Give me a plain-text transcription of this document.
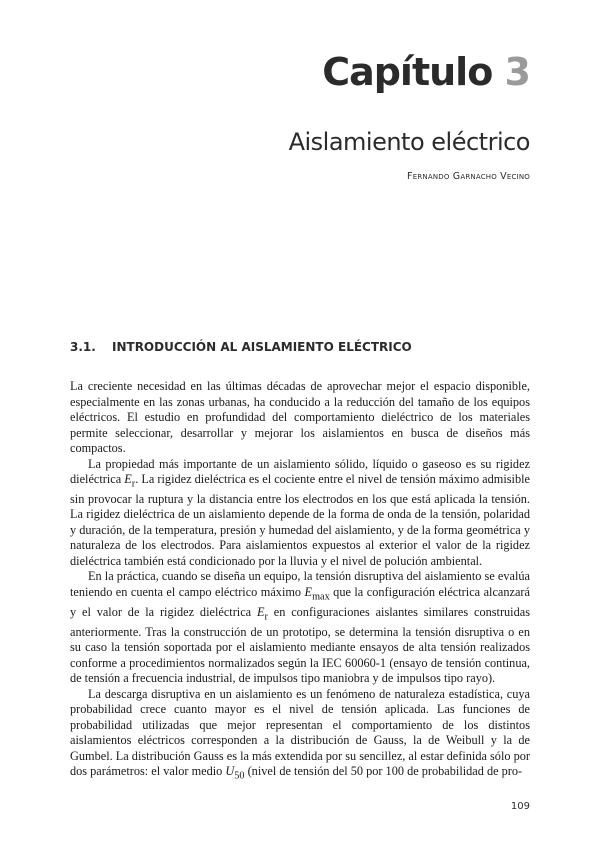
Capítulo 3
Aislamiento eléctrico

Fernando Garnacho Vecino

3.1. INTRODUCCIÓN AL AISLAMIENTO ELÉCTRICO

La creciente necesidad en las últimas décadas de aprovechar mejor el espacio disponible, especialmente en las zonas urbanas, ha conducido a la reducción del tamaño de los equipos eléctricos. El estudio en profundidad del comportamiento dieléctrico de los materiales permite seleccionar, desarrollar y mejorar los aislamientos en busca de diseños más compactos.

La propiedad más importante de un aislamiento sólido, líquido o gaseoso es su rigidez dieléctrica $E_r$. La rigidez dieléctrica es el cociente entre el nivel de tensión máximo admisible sin provocar la ruptura y la distancia entre los electrodos en los que está aplicada la tensión. La rigidez dieléctrica de un aislamiento depende de la forma de onda de la tensión, polaridad y duración, de la temperatura, presión y humedad del aislamiento, y de la forma geométrica y naturaleza de los electrodos. Para aislamientos expuestos al exterior el valor de la rigidez dieléctrica también está condicionado por la lluvia y el nivel de polución ambiental.

En la práctica, cuando se diseña un equipo, la tensión disruptiva del aislamiento se evalúa teniendo en cuenta el campo eléctrico máximo $E_{max}$ que la configuración eléctrica alcanzará y el valor de la rigidez dieléctrica $E_r$ en configuraciones aislantes similares construidas anteriormente. Tras la construcción de un prototipo, se determina la tensión disruptiva o en su caso la tensión soportada por el aislamiento mediante ensayos de alta tensión realizados conforme a procedimientos normalizados según la IEC 60060-1 (ensayo de tensión continua, de tensión a frecuencia industrial, de impulsos tipo maniobra y de impulsos tipo rayo).

La descarga disruptiva en un aislamiento es un fenómeno de naturaleza estadística, cuya probabilidad crece cuanto mayor es el nivel de tensión aplicada. Las funciones de probabilidad utilizadas que mejor representan el comportamiento de los distintos aislamientos eléctricos corresponden a la distribución de Gauss, la de Weibull y la de Gumbel. La distribución Gauss es la más extendida por su sencillez, al estar definida sólo por dos parámetros: el valor medio $U_{50}$ (nivel de tensión del 50 por 100 de probabilidad de pro-

109
